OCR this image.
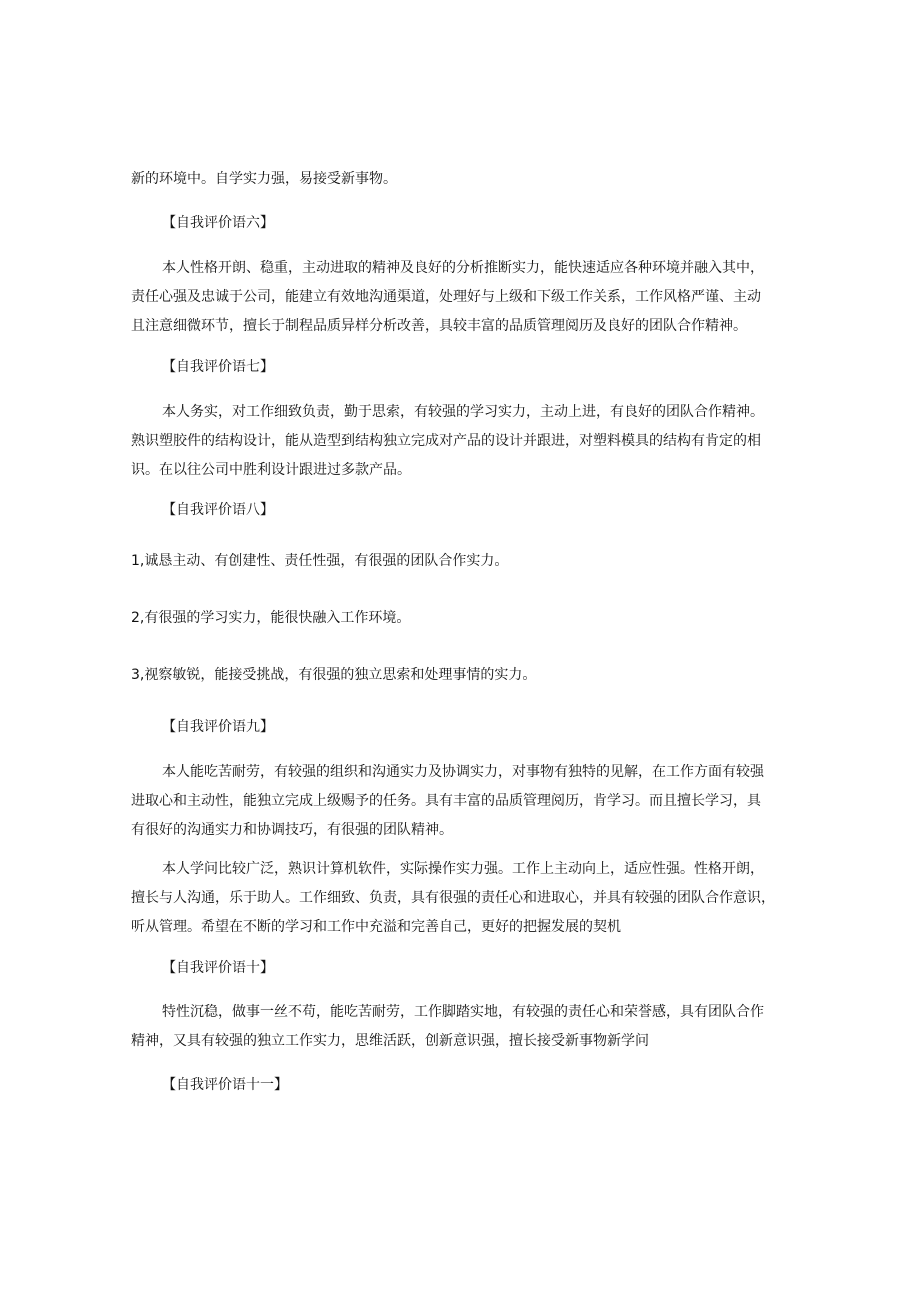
新的环境中。自学实力强，易接受新事物。

【自我评价语六】

本人性格开朗、稳重，主动进取的精神及良好的分析推断实力，能快速适应各种环境并融入其中，
责任心强及忠诚于公司，能建立有效地沟通渠道，处理好与上级和下级工作关系，工作风格严谨、主动
且注意细微环节，擅长于制程品质异样分析改善，具较丰富的品质管理阅历及良好的团队合作精神。

【自我评价语七】

本人务实，对工作细致负责，勤于思索，有较强的学习实力，主动上进，有良好的团队合作精神。
熟识塑胶件的结构设计，能从造型到结构独立完成对产品的设计并跟进，对塑料模具的结构有肯定的相
识。在以往公司中胜利设计跟进过多款产品。

【自我评价语八】

1,诚恳主动、有创建性、责任性强，有很强的团队合作实力。

2,有很强的学习实力，能很快融入工作环境。

3,视察敏锐，能接受挑战，有很强的独立思索和处理事情的实力。

【自我评价语九】

本人能吃苦耐劳，有较强的组织和沟通实力及协调实力，对事物有独特的见解，在工作方面有较强
进取心和主动性，能独立完成上级赐予的任务。具有丰富的品质管理阅历，肯学习。而且擅长学习，具
有很好的沟通实力和协调技巧，有很强的团队精神。
本人学问比较广泛，熟识计算机软件，实际操作实力强。工作上主动向上，适应性强。性格开朗，
擅长与人沟通，乐于助人。工作细致、负责，具有很强的责任心和进取心，并具有较强的团队合作意识，
听从管理。希望在不断的学习和工作中充溢和完善自己，更好的把握发展的契机

【自我评价语十】

特性沉稳，做事一丝不苟，能吃苦耐劳，工作脚踏实地，有较强的责任心和荣誉感，具有团队合作
精神，又具有较强的独立工作实力，思维活跃，创新意识强，擅长接受新事物新学问

【自我评价语十一】
